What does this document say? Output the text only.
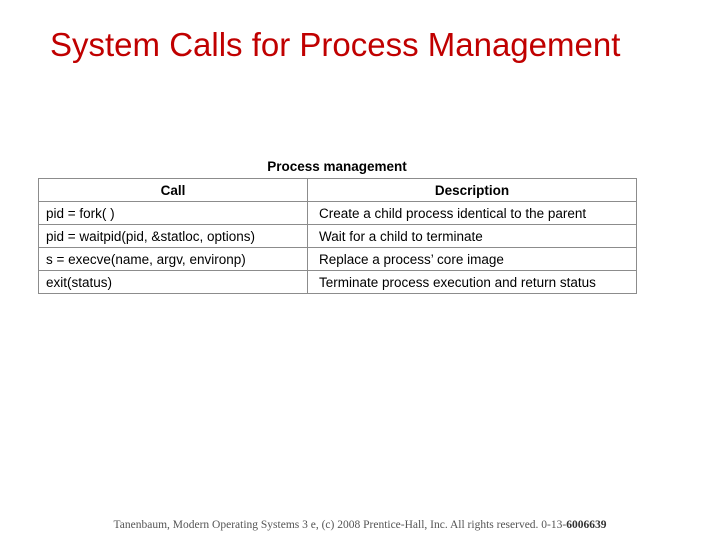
System Calls for Process Management
Process management
Call	Description
pid = fork( )	Create a child process identical to the parent
pid = waitpid(pid, &statloc, options)	Wait for a child to terminate
s = execve(name, argv, environp)	Replace a process’ core image
exit(status)	Terminate process execution and return status
Tanenbaum, Modern Operating Systems 3 e, (c) 2008 Prentice-Hall, Inc. All rights reserved. 0-13-6006639
